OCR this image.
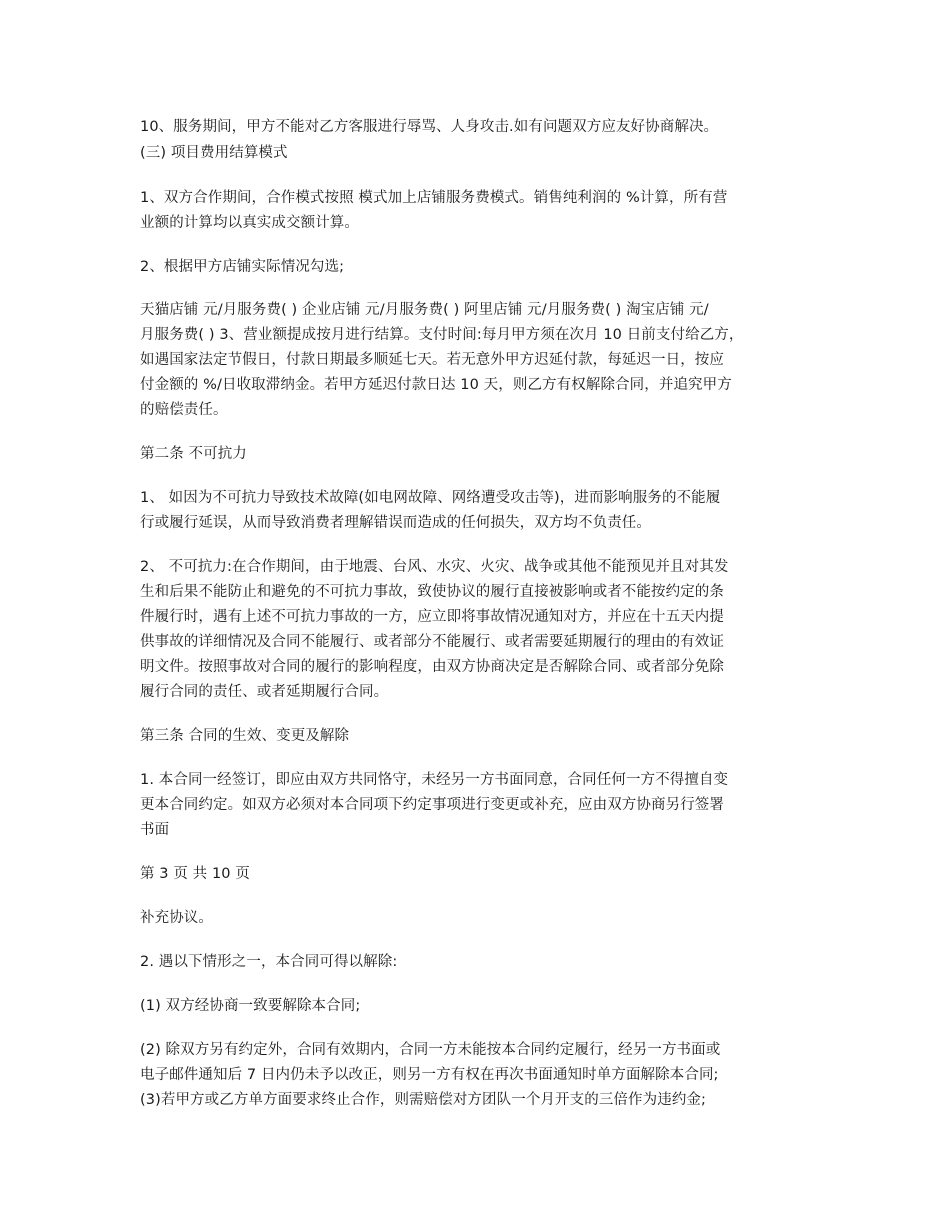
10、服务期间，甲方不能对乙方客服进行辱骂、人身攻击.如有问题双方应友好协商解决。
(三) 项目费用结算模式
1、双方合作期间，合作模式按照 模式加上店铺服务费模式。销售纯利润的 %计算，所有营
业额的计算均以真实成交额计算。
2、根据甲方店铺实际情况勾选;
天猫店铺 元/月服务费( ) 企业店铺 元/月服务费( ) 阿里店铺 元/月服务费( ) 淘宝店铺 元/
月服务费( ) 3、营业额提成按月进行结算。支付时间:每月甲方须在次月 10 日前支付给乙方，
如遇国家法定节假日，付款日期最多顺延七天。若无意外甲方迟延付款，每延迟一日，按应
付金额的 %/日收取滞纳金。若甲方延迟付款日达 10 天，则乙方有权解除合同，并追究甲方
的赔偿责任。
第二条 不可抗力
1、 如因为不可抗力导致技术故障(如电网故障、网络遭受攻击等)，进而影响服务的不能履
行或履行延误，从而导致消费者理解错误而造成的任何损失，双方均不负责任。
2、 不可抗力:在合作期间，由于地震、台风、水灾、火灾、战争或其他不能预见并且对其发
生和后果不能防止和避免的不可抗力事故，致使协议的履行直接被影响或者不能按约定的条
件履行时，遇有上述不可抗力事故的一方，应立即将事故情况通知对方，并应在十五天内提
供事故的详细情况及合同不能履行、或者部分不能履行、或者需要延期履行的理由的有效证
明文件。按照事故对合同的履行的影响程度，由双方协商决定是否解除合同、或者部分免除
履行合同的责任、或者延期履行合同。
第三条 合同的生效、变更及解除
1. 本合同一经签订，即应由双方共同恪守，未经另一方书面同意，合同任何一方不得擅自变
更本合同约定。如双方必须对本合同项下约定事项进行变更或补充，应由双方协商另行签署
书面
第 3 页 共 10 页
补充协议。
2. 遇以下情形之一，本合同可得以解除:
(1) 双方经协商一致要解除本合同;
(2) 除双方另有约定外，合同有效期内，合同一方未能按本合同约定履行，经另一方书面或
电子邮件通知后 7 日内仍未予以改正，则另一方有权在再次书面通知时单方面解除本合同;
(3)若甲方或乙方单方面要求终止合作，则需赔偿对方团队一个月开支的三倍作为违约金;
